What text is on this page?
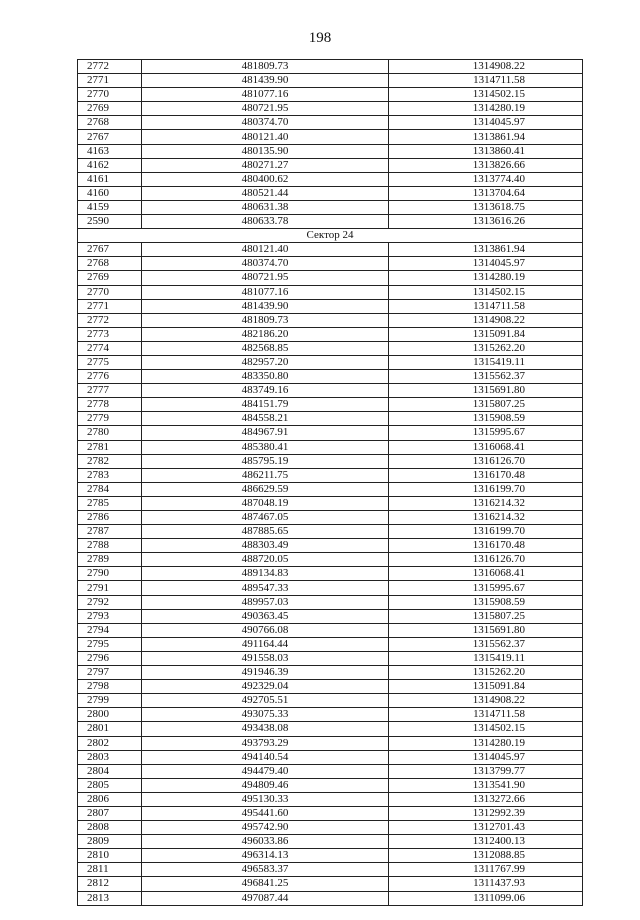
198
2772	481809.73	1314908.22
2771	481439.90	1314711.58
2770	481077.16	1314502.15
2769	480721.95	1314280.19
2768	480374.70	1314045.97
2767	480121.40	1313861.94
4163	480135.90	1313860.41
4162	480271.27	1313826.66
4161	480400.62	1313774.40
4160	480521.44	1313704.64
4159	480631.38	1313618.75
2590	480633.78	1313616.26
Сектор 24		
2767	480121.40	1313861.94
2768	480374.70	1314045.97
2769	480721.95	1314280.19
2770	481077.16	1314502.15
2771	481439.90	1314711.58
2772	481809.73	1314908.22
2773	482186.20	1315091.84
2774	482568.85	1315262.20
2775	482957.20	1315419.11
2776	483350.80	1315562.37
2777	483749.16	1315691.80
2778	484151.79	1315807.25
2779	484558.21	1315908.59
2780	484967.91	1315995.67
2781	485380.41	1316068.41
2782	485795.19	1316126.70
2783	486211.75	1316170.48
2784	486629.59	1316199.70
2785	487048.19	1316214.32
2786	487467.05	1316214.32
2787	487885.65	1316199.70
2788	488303.49	1316170.48
2789	488720.05	1316126.70
2790	489134.83	1316068.41
2791	489547.33	1315995.67
2792	489957.03	1315908.59
2793	490363.45	1315807.25
2794	490766.08	1315691.80
2795	491164.44	1315562.37
2796	491558.03	1315419.11
2797	491946.39	1315262.20
2798	492329.04	1315091.84
2799	492705.51	1314908.22
2800	493075.33	1314711.58
2801	493438.08	1314502.15
2802	493793.29	1314280.19
2803	494140.54	1314045.97
2804	494479.40	1313799.77
2805	494809.46	1313541.90
2806	495130.33	1313272.66
2807	495441.60	1312992.39
2808	495742.90	1312701.43
2809	496033.86	1312400.13
2810	496314.13	1312088.85
2811	496583.37	1311767.99
2812	496841.25	1311437.93
2813	497087.44	1311099.06
